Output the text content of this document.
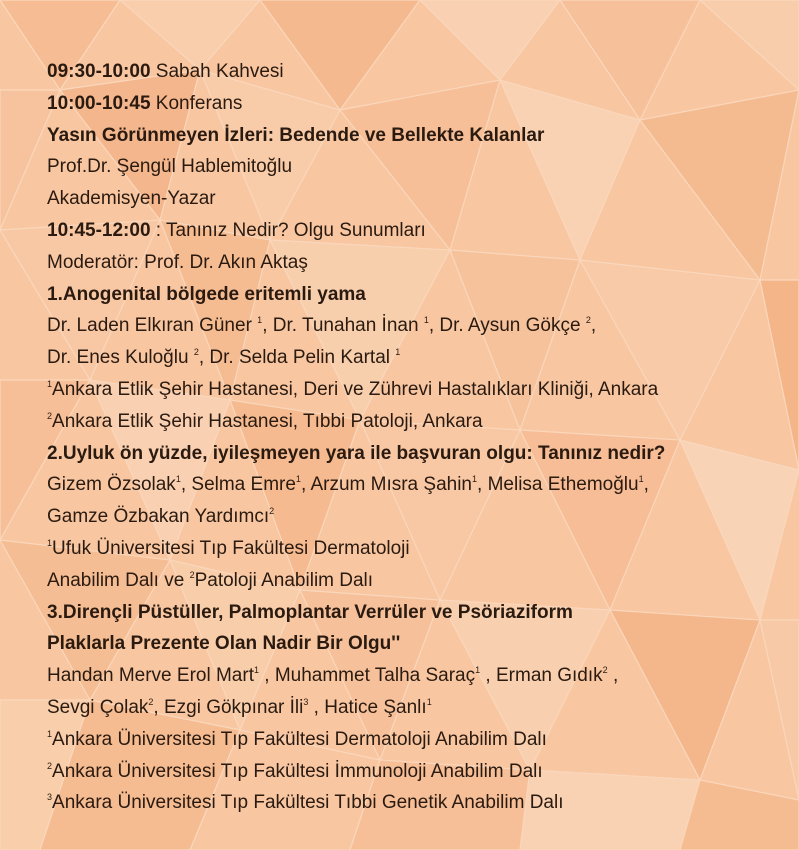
09:30-10:00 Sabah Kahvesi
10:00-10:45 Konferans
Yasın Görünmeyen İzleri: Bedende ve Bellekte Kalanlar
Prof.Dr. Şengül Hablemitoğlu
Akademisyen-Yazar
10:45-12:00 : Tanınız Nedir? Olgu Sunumları
Moderatör: Prof. Dr. Akın Aktaş
1.Anogenital bölgede eritemli yama
Dr. Laden Elkıran Güner $^1$, Dr. Tunahan İnan $^1$, Dr. Aysun Gökçe $^2$,
Dr. Enes Kuloğlu $^2$, Dr. Selda Pelin Kartal $^1$
$^1$Ankara Etlik Şehir Hastanesi, Deri ve Zührevi Hastalıkları Kliniği, Ankara
$^2$Ankara Etlik Şehir Hastanesi, Tıbbi Patoloji, Ankara
2.Uyluk ön yüzde, iyileşmeyen yara ile başvuran olgu: Tanınız nedir?
Gizem Özsolak$^1$, Selma Emre$^1$, Arzum Mısra Şahin$^1$, Melisa Ethemoğlu$^1$,
Gamze Özbakan Yardımcı$^2$
$^1$Ufuk Üniversitesi Tıp Fakültesi Dermatoloji
Anabilim Dalı ve $^2$Patoloji Anabilim Dalı
3.Dirençli Püstüller, Palmoplantar Verrüler ve Psöriaziform
Plaklarla Prezente Olan Nadir Bir Olgu''
Handan Merve Erol Mart$^1$ , Muhammet Talha Saraç$^1$ , Erman Gıdık$^2$ ,
Sevgi Çolak$^2$, Ezgi Gökpınar İli$^3$ , Hatice Şanlı$^1$
$^1$Ankara Üniversitesi Tıp Fakültesi Dermatoloji Anabilim Dalı
$^2$Ankara Üniversitesi Tıp Fakültesi İmmunoloji Anabilim Dalı
$^3$Ankara Üniversitesi Tıp Fakültesi Tıbbi Genetik Anabilim Dalı
